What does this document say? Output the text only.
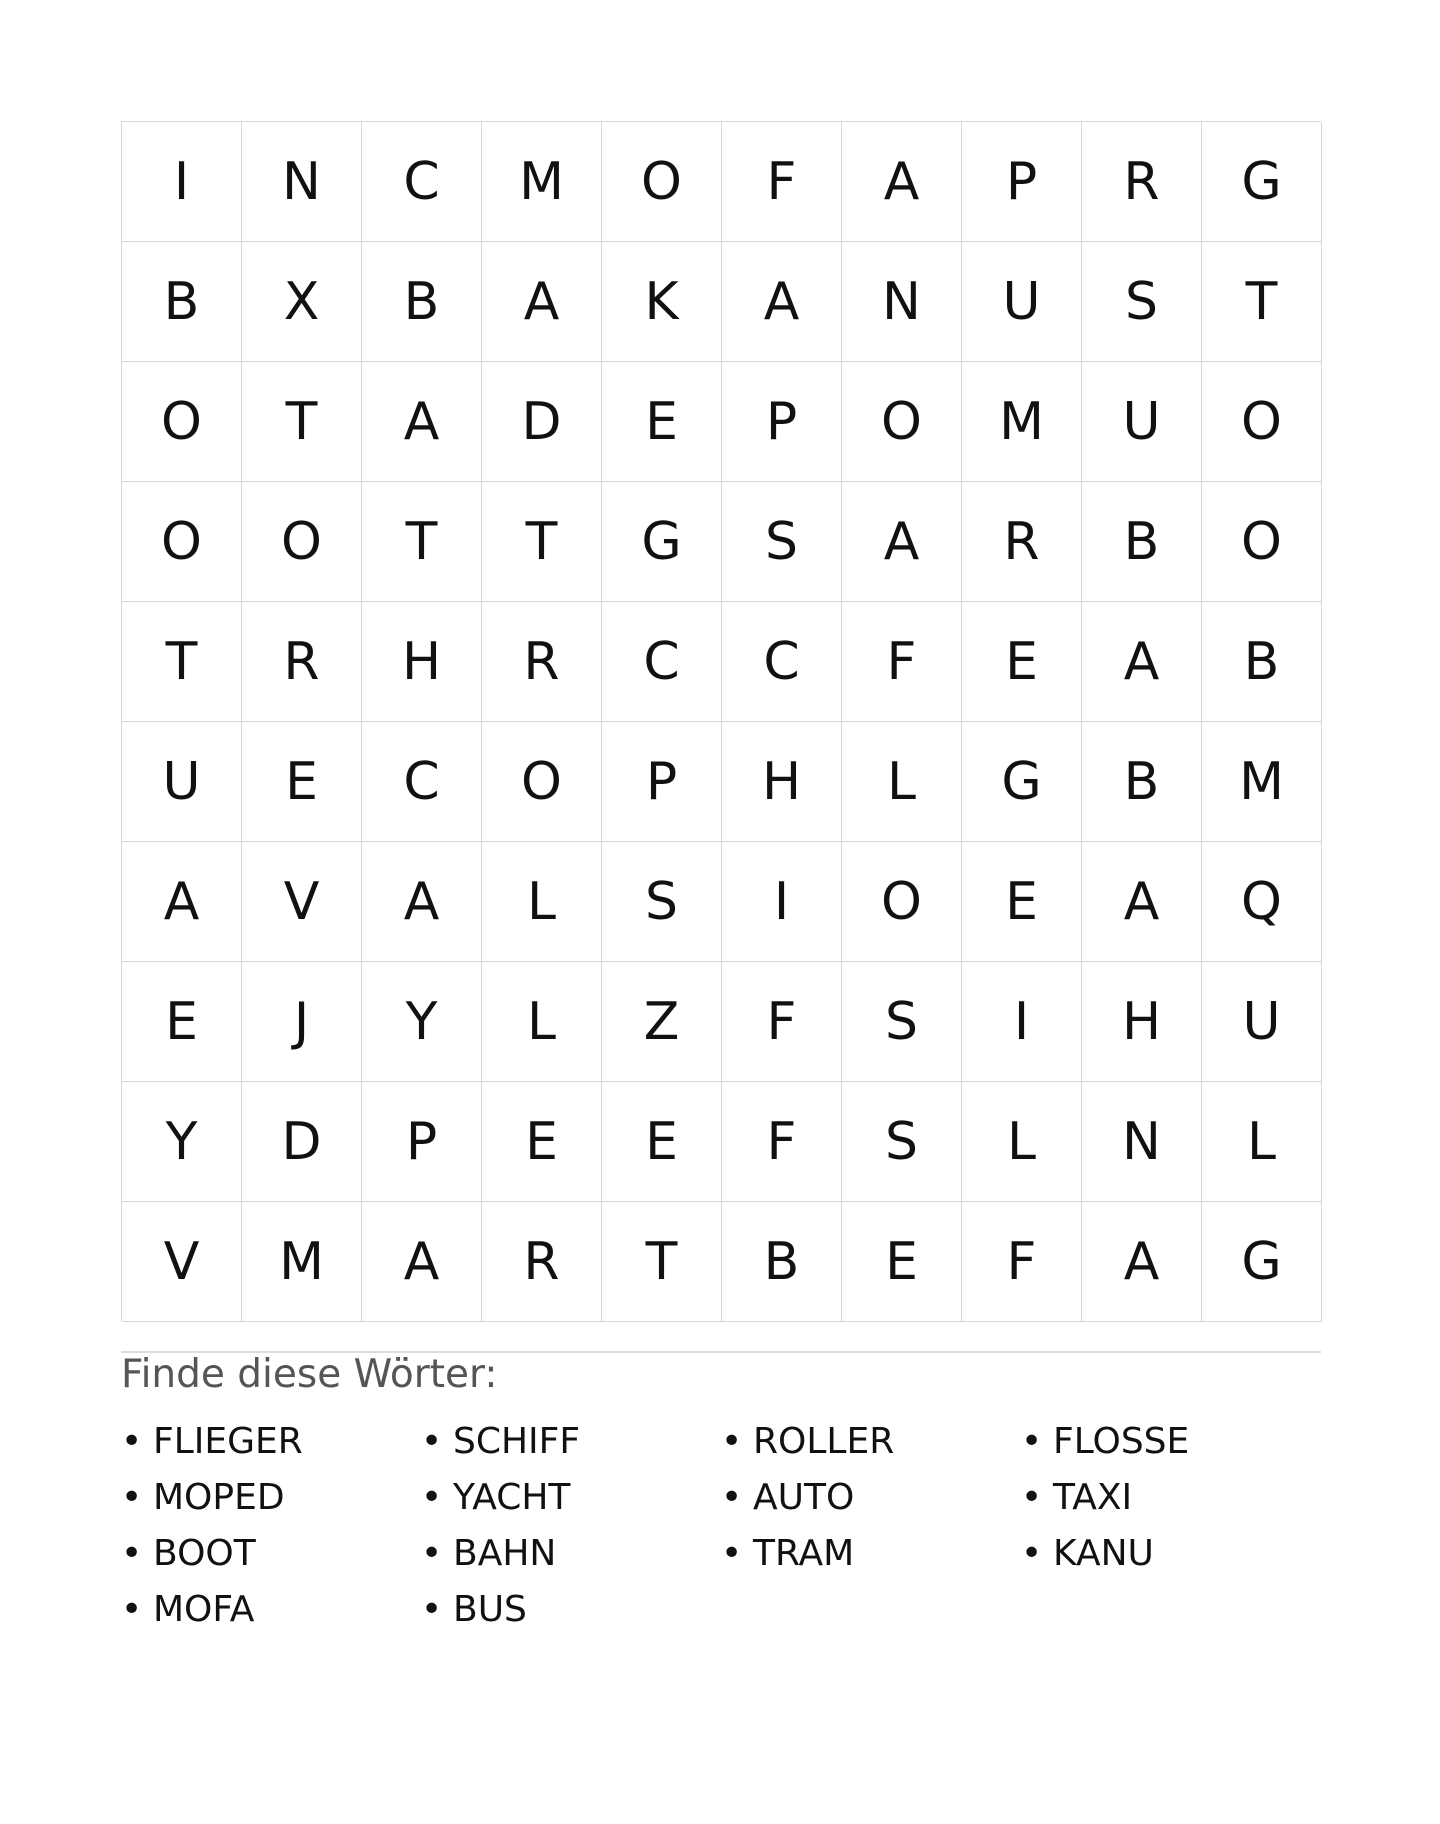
I	N	C	M	O	F	A	P	R	G
B	X	B	A	K	A	N	U	S	T
O	T	A	D	E	P	O	M	U	O
O	O	T	T	G	S	A	R	B	O
T	R	H	R	C	C	F	E	A	B
U	E	C	O	P	H	L	G	B	M
A	V	A	L	S	I	O	E	A	Q
E	J	Y	L	Z	F	S	I	H	U
Y	D	P	E	E	F	S	L	N	L
V	M	A	R	T	B	E	F	A	G
Finde diese Wörter:
• FLIEGER	• SCHIFF	• ROLLER	• FLOSSE
• MOPED	• YACHT	• AUTO	• TAXI
• BOOT	• BAHN	• TRAM	• KANU
• MOFA	• BUS
